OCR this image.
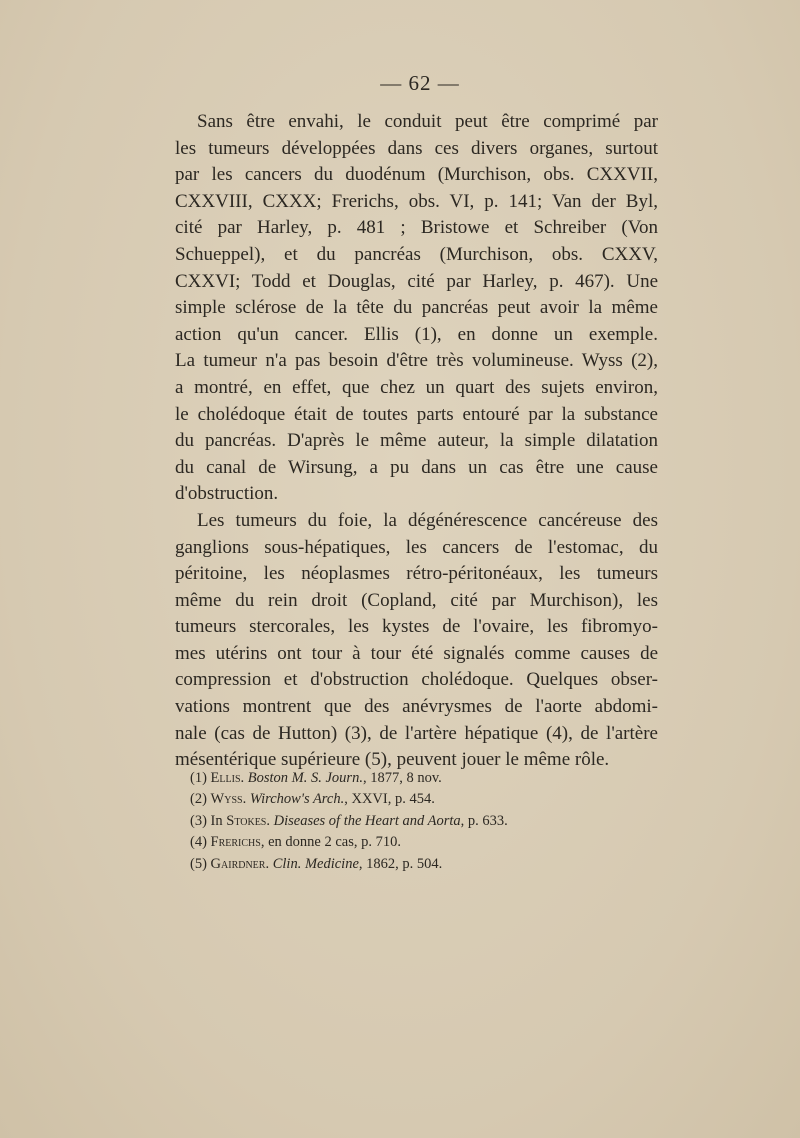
— 62 —
Sans être envahi, le conduit peut être comprimé par
les tumeurs développées dans ces divers organes, surtout
par les cancers du duodénum (Murchison, obs. CXXVII,
CXXVIII, CXXX; Frerichs, obs. VI, p. 141; Van der Byl,
cité par Harley, p. 481 ; Bristowe et Schreiber (Von
Schueppel), et du pancréas (Murchison, obs. CXXV,
CXXVI; Todd et Douglas, cité par Harley, p. 467). Une
simple sclérose de la tête du pancréas peut avoir la même
action qu'un cancer. Ellis (1), en donne un exemple.
La tumeur n'a pas besoin d'être très volumineuse. Wyss (2),
a montré, en effet, que chez un quart des sujets environ,
le cholédoque était de toutes parts entouré par la substance
du pancréas. D'après le même auteur, la simple dilatation
du canal de Wirsung, a pu dans un cas être une cause
d'obstruction.
Les tumeurs du foie, la dégénérescence cancéreuse des
ganglions sous-hépatiques, les cancers de l'estomac, du
péritoine, les néoplasmes rétro-péritonéaux, les tumeurs
même du rein droit (Copland, cité par Murchison), les
tumeurs stercorales, les kystes de l'ovaire, les fibromyo-
mes utérins ont tour à tour été signalés comme causes de
compression et d'obstruction cholédoque. Quelques obser-
vations montrent que des anévrysmes de l'aorte abdomi-
nale (cas de Hutton) (3), de l'artère hépatique (4), de l'artère
mésentérique supérieure (5), peuvent jouer le même rôle.
(1) Ellis. Boston M. S. Journ., 1877, 8 nov.
(2) Wyss. Wirchow's Arch., XXVI, p. 454.
(3) In Stokes. Diseases of the Heart and Aorta, p. 633.
(4) Frerichs, en donne 2 cas, p. 710.
(5) Gairdner. Clin. Medicine, 1862, p. 504.
